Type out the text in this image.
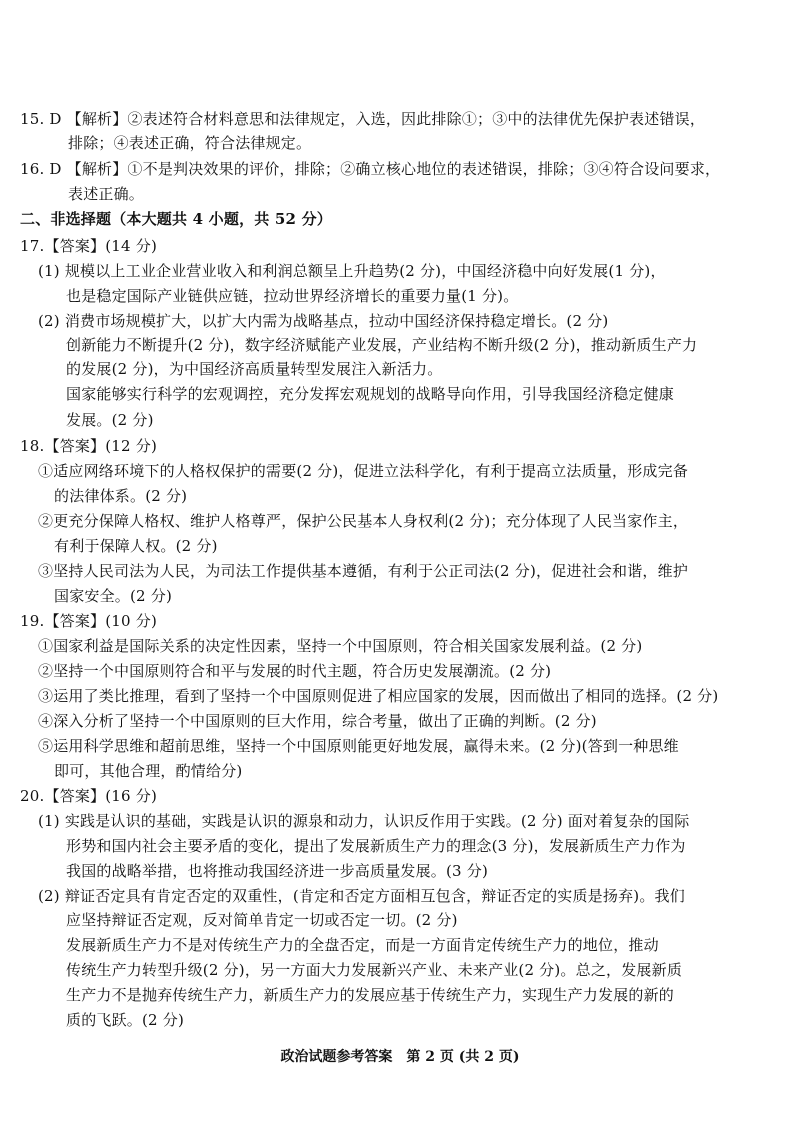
15. D 【解析】②表述符合材料意思和法律规定，入选，因此排除①；③中的法律优先保护表述错误，
排除；④表述正确，符合法律规定。
16. D 【解析】①不是判决效果的评价，排除；②确立核心地位的表述错误，排除；③④符合设问要求，
表述正确。
二、非选择题（本大题共 4 小题，共 52 分）
17.【答案】(14 分)
(1) 规模以上工业企业营业收入和利润总额呈上升趋势(2 分)，中国经济稳中向好发展(1 分)，
也是稳定国际产业链供应链，拉动世界经济增长的重要力量(1 分)。
(2) 消费市场规模扩大，以扩大内需为战略基点，拉动中国经济保持稳定增长。(2 分)
创新能力不断提升(2 分)，数字经济赋能产业发展，产业结构不断升级(2 分)，推动新质生产力
的发展(2 分)，为中国经济高质量转型发展注入新活力。
国家能够实行科学的宏观调控，充分发挥宏观规划的战略导向作用，引导我国经济稳定健康
发展。(2 分)
18.【答案】(12 分)
①适应网络环境下的人格权保护的需要(2 分)，促进立法科学化，有利于提高立法质量，形成完备
的法律体系。(2 分)
②更充分保障人格权、维护人格尊严，保护公民基本人身权利(2 分)；充分体现了人民当家作主，
有利于保障人权。(2 分)
③坚持人民司法为人民，为司法工作提供基本遵循，有利于公正司法(2 分)，促进社会和谐，维护
国家安全。(2 分)
19.【答案】(10 分)
①国家利益是国际关系的决定性因素，坚持一个中国原则，符合相关国家发展利益。(2 分)
②坚持一个中国原则符合和平与发展的时代主题，符合历史发展潮流。(2 分)
③运用了类比推理，看到了坚持一个中国原则促进了相应国家的发展，因而做出了相同的选择。(2 分)
④深入分析了坚持一个中国原则的巨大作用，综合考量，做出了正确的判断。(2 分)
⑤运用科学思维和超前思维，坚持一个中国原则能更好地发展，赢得未来。(2 分)(答到一种思维
即可，其他合理，酌情给分)
20.【答案】(16 分)
(1) 实践是认识的基础，实践是认识的源泉和动力，认识反作用于实践。(2 分) 面对着复杂的国际
形势和国内社会主要矛盾的变化，提出了发展新质生产力的理念(3 分)，发展新质生产力作为
我国的战略举措，也将推动我国经济进一步高质量发展。(3 分)
(2) 辩证否定具有肯定否定的双重性，(肯定和否定方面相互包含，辩证否定的实质是扬弃)。我们
应坚持辩证否定观，反对简单肯定一切或否定一切。(2 分)
发展新质生产力不是对传统生产力的全盘否定，而是一方面肯定传统生产力的地位，推动
传统生产力转型升级(2 分)，另一方面大力发展新兴产业、未来产业(2 分)。总之，发展新质
生产力不是抛弃传统生产力，新质生产力的发展应基于传统生产力，实现生产力发展的新的
质的飞跃。(2 分)
政治试题参考答案　第 2 页 (共 2 页)
